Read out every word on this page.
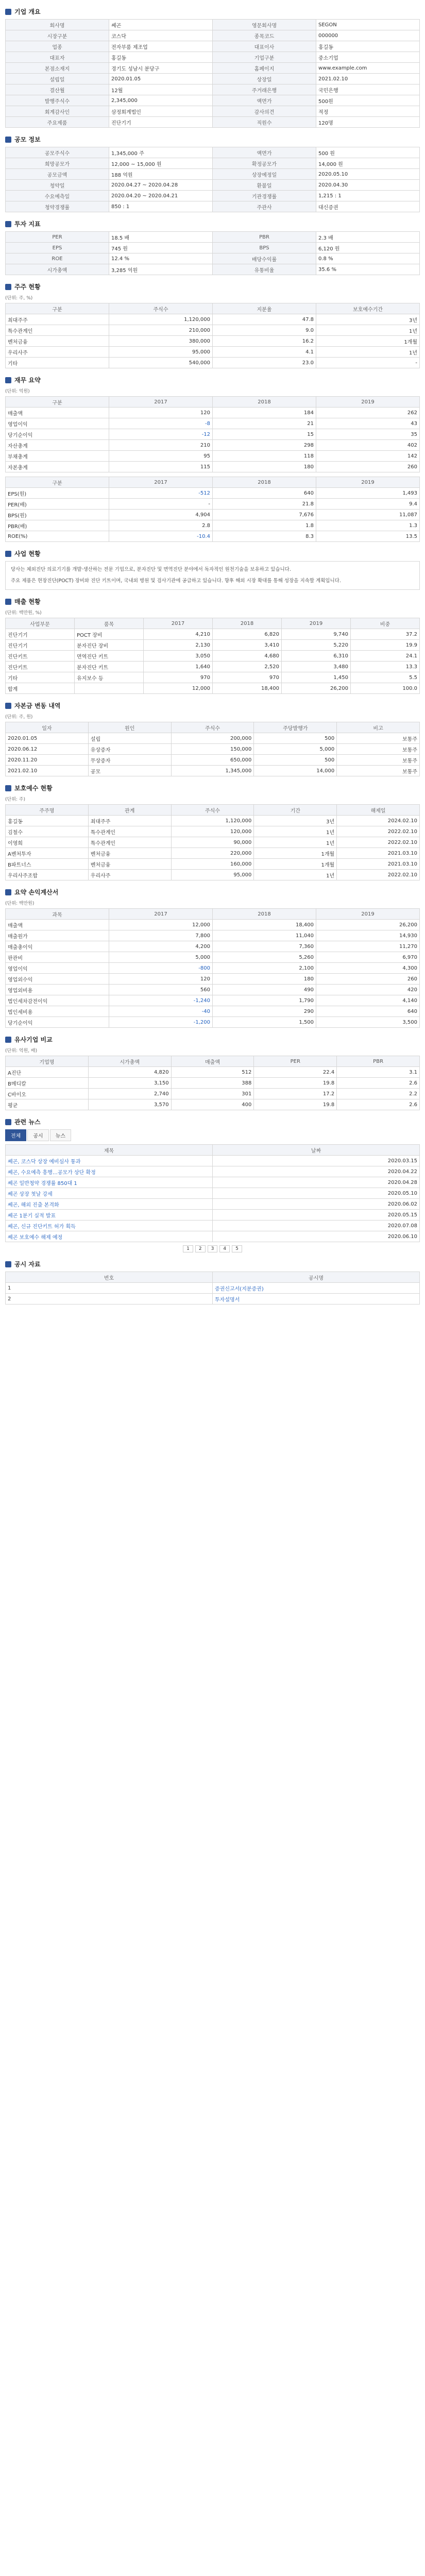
기업 개요
회사명	쎄곤	영문회사명	SEGON
시장구분	코스닥	종목코드	000000
업종	전자부품 제조업	대표이사	홍길동
대표자	홍길동	기업구분	중소기업
본점소재지	경기도 성남시 분당구	홈페이지	www.example.com
설립일	2020.01.05	상장일	2021.02.10
결산월	12월	주거래은행	국민은행
발행주식수	2,345,000	액면가	500원
회계감사인	삼정회계법인	감사의견	적정
주요제품	진단기기	직원수	120명
공모 정보
공모주식수	1,345,000 주	액면가	500 원
희망공모가	12,000 ~ 15,000 원	확정공모가	14,000 원
공모금액	188 억원	상장예정일	2020.05.10
청약일	2020.04.27 ~ 2020.04.28	환불일	2020.04.30
수요예측일	2020.04.20 ~ 2020.04.21	기관경쟁률	1,215 : 1
청약경쟁률	850 : 1	주관사	대신증권
투자 지표
PER	18.5 배	PBR	2.3 배
EPS	745 원	BPS	6,120 원
ROE	12.4 %	배당수익률	0.8 %
시가총액	3,285 억원	유통비율	35.6 %
주주 현황
(단위: 주, %)
구분	주식수	지분율	보호예수기간
최대주주	1,120,000	47.8	3년
특수관계인	210,000	9.0	1년
벤처금융	380,000	16.2	1개월
우리사주	95,000	4.1	1년
기타	540,000	23.0	-
재무 요약
(단위: 억원)
구분	2017	2018	2019
매출액	120	184	262
영업이익	-8	21	43
당기순이익	-12	15	35
자산총계	210	298	402
부채총계	95	118	142
자본총계	115	180	260
구분	2017	2018	2019
EPS(원)	-512	640	1,493
PER(배)	-	21.8	9.4
BPS(원)	4,904	7,676	11,087
PBR(배)	2.8	1.8	1.3
ROE(%)	-10.4	8.3	13.5
사업 현황

당사는 체외진단 의료기기를 개발·생산하는 전문 기업으로, 분자진단 및 면역진단 분야에서 독자적인 원천기술을 보유하고 있습니다.

주요 제품은 현장진단(POCT) 장비와 진단 키트이며, 국내외 병원 및 검사기관에 공급하고 있습니다. 향후 해외 시장 확대를 통해 성장을 지속할 계획입니다.

매출 현황
(단위: 백만원, %)
사업부문	품목	2017	2018	2019	비중
진단기기	POCT 장비	4,210	6,820	9,740	37.2
진단기기	분자진단 장비	2,130	3,410	5,220	19.9
진단키트	면역진단 키트	3,050	4,680	6,310	24.1
진단키트	분자진단 키트	1,640	2,520	3,480	13.3
기타	유지보수 등	970	970	1,450	5.5
합계		12,000	18,400	26,200	100.0
자본금 변동 내역
(단위: 주, 원)
일자	원인	주식수	주당발행가	비고
2020.01.05	설립	200,000	500	보통주
2020.06.12	유상증자	150,000	5,000	보통주
2020.11.20	무상증자	650,000	500	보통주
2021.02.10	공모	1,345,000	14,000	보통주
보호예수 현황
(단위: 주)
주주명	관계	주식수	기간	해제일
홍길동	최대주주	1,120,000	3년	2024.02.10
김철수	특수관계인	120,000	1년	2022.02.10
이영희	특수관계인	90,000	1년	2022.02.10
A벤처투자	벤처금융	220,000	1개월	2021.03.10
B파트너스	벤처금융	160,000	1개월	2021.03.10
우리사주조합	우리사주	95,000	1년	2022.02.10
요약 손익계산서
(단위: 백만원)
과목	2017	2018	2019
매출액	12,000	18,400	26,200
매출원가	7,800	11,040	14,930
매출총이익	4,200	7,360	11,270
판관비	5,000	5,260	6,970
영업이익	-800	2,100	4,300
영업외수익	120	180	260
영업외비용	560	490	420
법인세차감전이익	-1,240	1,790	4,140
법인세비용	-40	290	640
당기순이익	-1,200	1,500	3,500
유사기업 비교
(단위: 억원, 배)
기업명	시가총액	매출액	PER	PBR
A진단	4,820	512	22.4	3.1
B메디칼	3,150	388	19.8	2.6
C바이오	2,740	301	17.2	2.2
평균	3,570	400	19.8	2.6
관련 뉴스
전체	공시	뉴스
제목	날짜
쎄곤, 코스닥 상장 예비심사 통과	2020.03.15
쎄곤, 수요예측 흥행…공모가 상단 확정	2020.04.22
쎄곤 일반청약 경쟁률 850대 1	2020.04.28
쎄곤 상장 첫날 강세	2020.05.10
쎄곤, 해외 진출 본격화	2020.06.02
쎄곤 1분기 실적 발표	2020.05.15
쎄곤, 신규 진단키트 허가 획득	2020.07.08
쎄곤 보호예수 해제 예정	2020.06.10
1	2	3	4	5
공시 자료
번호	공시명
1	증권신고서(지분증권)
2	투자설명서
